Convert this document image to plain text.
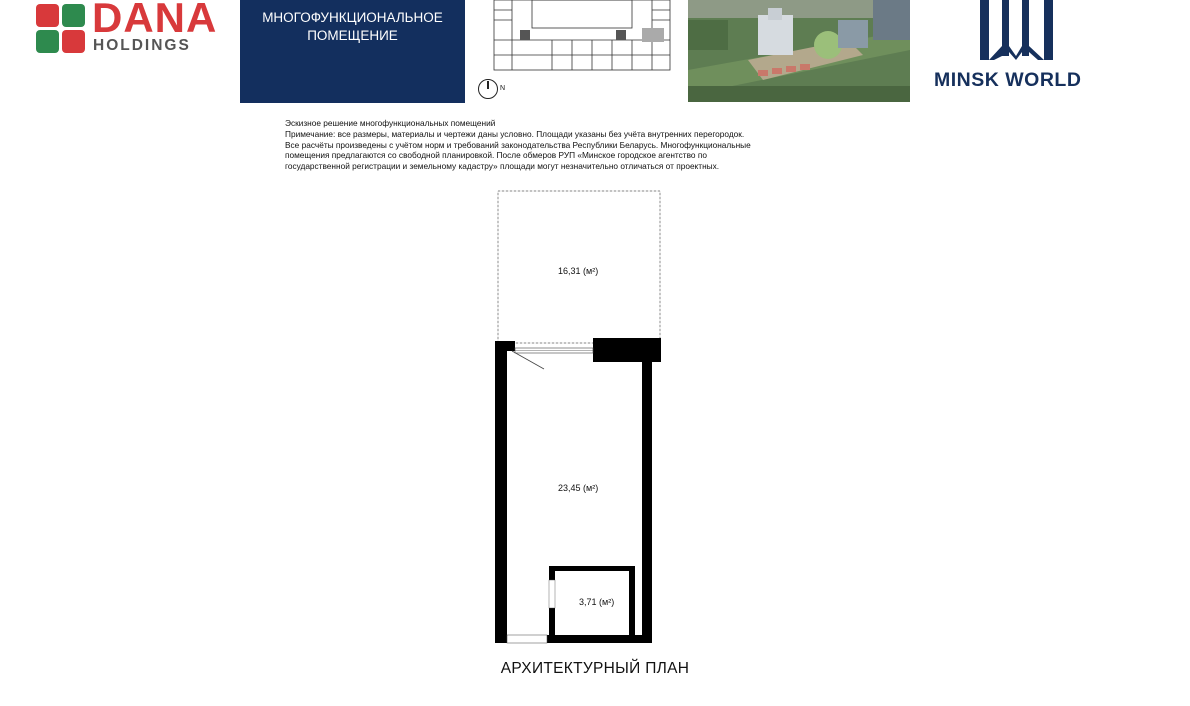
DANA
HOLDINGS
МНОГОФУНКЦИОНАЛЬНОЕ
ПОМЕЩЕНИЕ
N	MINSK WORLD
Эскизное решение многофункциональных помещений
Примечание: все размеры, материалы и чертежи даны условно. Площади указаны без учёта внутренних перегородок.
Все расчёты произведены с учётом норм и требований законодательства Республики Беларусь. Многофункциональные
помещения предлагаются со свободной планировкой. После обмеров РУП «Минское городское агентство по
государственной регистрации и земельному кадастру» площади могут незначительно отличаться от проектных.
16,31 (м²)
23,45 (м²)
3,71 (м²)
АРХИТЕКТУРНЫЙ ПЛАН
